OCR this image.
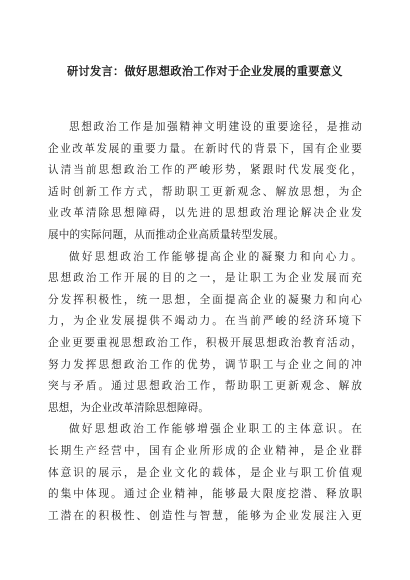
研讨发言：做好思想政治工作对于企业发展的重要意义
思想政治工作是加强精神文明建设的重要途径，是推动
企业改革发展的重要力量。在新时代的背景下，国有企业要
认清当前思想政治工作的严峻形势，紧跟时代发展变化，
适时创新工作方式，帮助职工更新观念、解放思想，为企
业改革清除思想障碍，以先进的思想政治理论解决企业发
展中的实际问题，从而推动企业高质量转型发展。
做好思想政治工作能够提高企业的凝聚力和向心力。
思想政治工作开展的目的之一，是让职工为企业发展而充
分发挥积极性，统一思想，全面提高企业的凝聚力和向心
力，为企业发展提供不竭动力。在当前严峻的经济环境下
企业更要重视思想政治工作，积极开展思想政治教育活动，
努力发挥思想政治工作的优势，调节职工与企业之间的冲
突与矛盾。通过思想政治工作，帮助职工更新观念、解放
思想，为企业改革清除思想障碍。
做好思想政治工作能够增强企业职工的主体意识。在
长期生产经营中，国有企业所形成的企业精神，是企业群
体意识的展示，是企业文化的载体，是企业与职工价值观
的集中体现。通过企业精神，能够最大限度挖潜、释放职
工潜在的积极性、创造性与智慧，能够为企业发展注入更
